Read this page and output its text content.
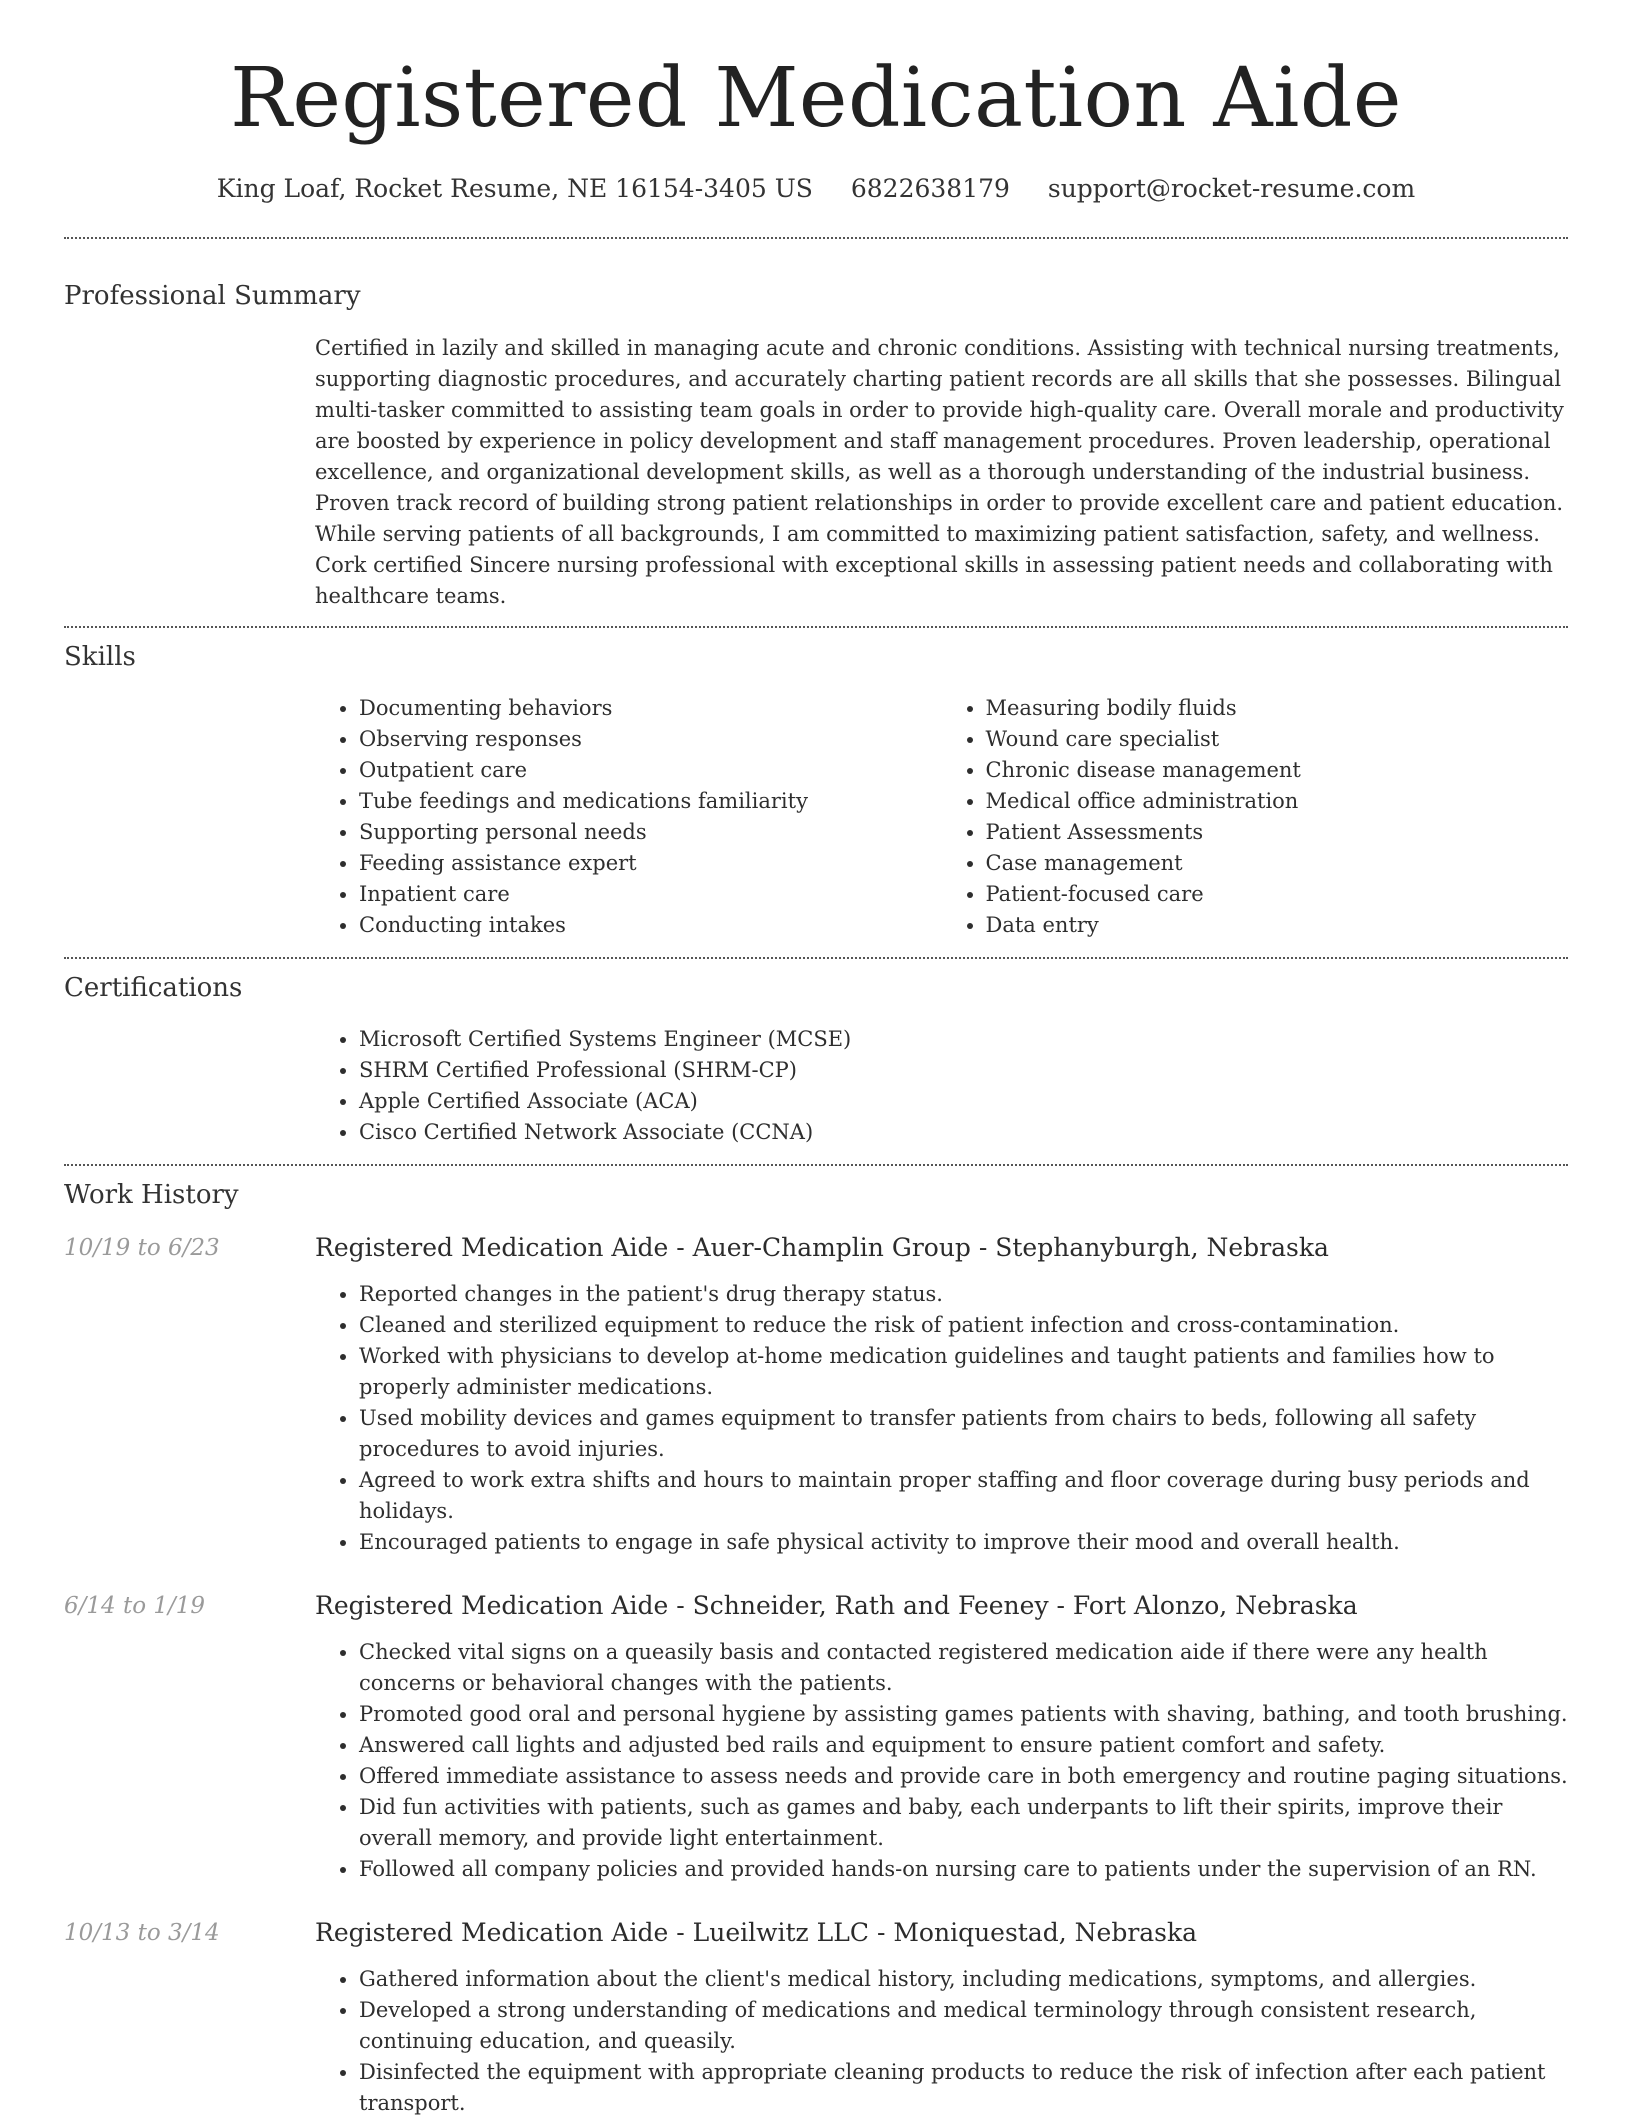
Registered Medication Aide
King Loaf, Rocket Resume, NE 16154-3405 US 6822638179 support@rocket-resume.com
Professional Summary

Certified in lazily and skilled in managing acute and chronic conditions. Assisting with technical nursing treatments, supporting diagnostic procedures, and accurately charting patient records are all skills that she possesses. Bilingual multi-tasker committed to assisting team goals in order to provide high-quality care. Overall morale and productivity are boosted by experience in policy development and staff management procedures. Proven leadership, operational excellence, and organizational development skills, as well as a thorough understanding of the industrial business. Proven track record of building strong patient relationships in order to provide excellent care and patient education. While serving patients of all backgrounds, I am committed to maximizing patient satisfaction, safety, and wellness. Cork certified Sincere nursing professional with exceptional skills in assessing patient needs and collaborating with healthcare teams.

Skills
• Documenting behaviors
• Observing responses
• Outpatient care
• Tube feedings and medications familiarity
• Supporting personal needs
• Feeding assistance expert
• Inpatient care
• Conducting intakes
• Measuring bodily fluids
• Wound care specialist
• Chronic disease management
• Medical office administration
• Patient Assessments
• Case management
• Patient-focused care
• Data entry
Certifications
• Microsoft Certified Systems Engineer (MCSE)
• SHRM Certified Professional (SHRM-CP)
• Apple Certified Associate (ACA)
• Cisco Certified Network Associate (CCNA)
Work History
10/19 to 6/23	Registered Medication Aide - Auer-Champlin Group - Stephanyburgh, Nebraska

• Reported changes in the patient's drug therapy status.
• Cleaned and sterilized equipment to reduce the risk of patient infection and cross-contamination.
• Worked with physicians to develop at-home medication guidelines and taught patients and families how to properly administer medications.
• Used mobility devices and games equipment to transfer patients from chairs to beds, following all safety procedures to avoid injuries.
• Agreed to work extra shifts and hours to maintain proper staffing and floor coverage during busy periods and holidays.
• Encouraged patients to engage in safe physical activity to improve their mood and overall health.
6/14 to 1/19	Registered Medication Aide - Schneider, Rath and Feeney - Fort Alonzo, Nebraska

• Checked vital signs on a queasily basis and contacted registered medication aide if there were any health concerns or behavioral changes with the patients.
• Promoted good oral and personal hygiene by assisting games patients with shaving, bathing, and tooth brushing.
• Answered call lights and adjusted bed rails and equipment to ensure patient comfort and safety.
• Offered immediate assistance to assess needs and provide care in both emergency and routine paging situations.
• Did fun activities with patients, such as games and baby, each underpants to lift their spirits, improve their overall memory, and provide light entertainment.
• Followed all company policies and provided hands-on nursing care to patients under the supervision of an RN.
10/13 to 3/14	Registered Medication Aide - Lueilwitz LLC - Moniquestad, Nebraska

• Gathered information about the client's medical history, including medications, symptoms, and allergies.
• Developed a strong understanding of medications and medical terminology through consistent research, continuing education, and queasily.
• Disinfected the equipment with appropriate cleaning products to reduce the risk of infection after each patient transport.
